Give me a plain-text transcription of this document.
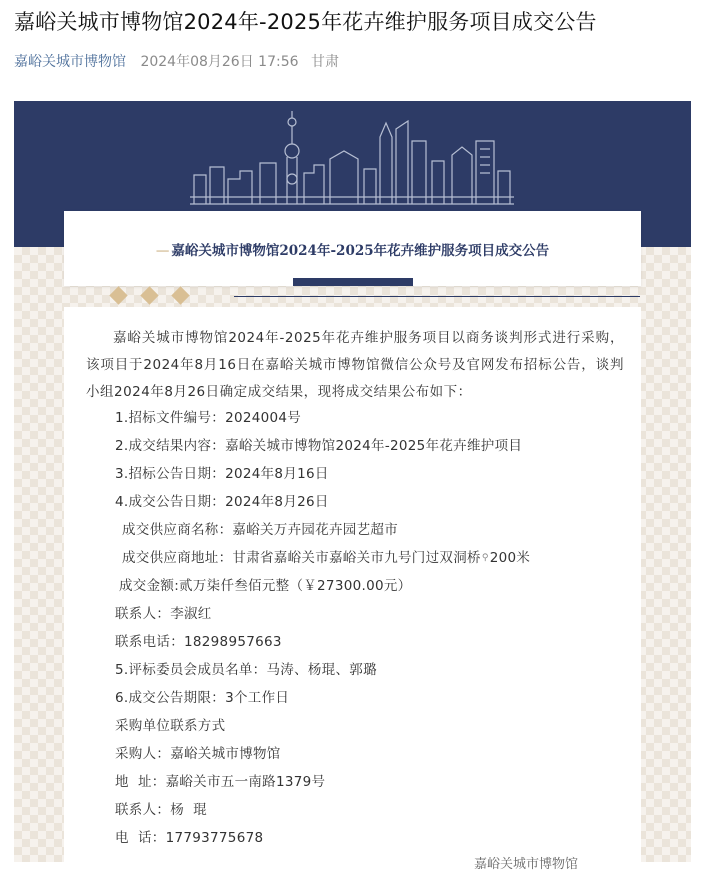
嘉峪关城市博物馆2024年-2025年花卉维护服务项目成交公告
嘉峪关城市博物馆 2024年08月26日 17:56 甘肃
— 嘉峪关城市博物馆2024年-2025年花卉维护服务项目成交公告
嘉峪关城市博物馆2024年-2025年花卉维护服务项目以商务谈判形式进行采购，该项目于2024年8月16日在嘉峪关城市博物馆微信公众号及官网发布招标公告，谈判小组2024年8月26日确定成交结果，现将成交结果公布如下：
1.招标文件编号：2024004号
2.成交结果内容：嘉峪关城市博物馆2024年-2025年花卉维护项目
3.招标公告日期：2024年8月16日
4.成交公告日期：2024年8月26日
成交供应商名称：嘉峪关万卉园花卉园艺超市
成交供应商地址：甘肃省嘉峪关市嘉峪关市九号门过双洞桥⚲200米
成交金额:贰万柒仟叁佰元整（￥27300.00元）
联系人：李淑红
联系电话：18298957663
5.评标委员会成员名单：马涛、杨琨、郭璐
6.成交公告期限：3个工作日
采购单位联系方式
采购人：嘉峪关城市博物馆
地  址：嘉峪关市五一南路1379号
联系人：杨  琨
电  话：17793775678
嘉峪关城市博物馆
